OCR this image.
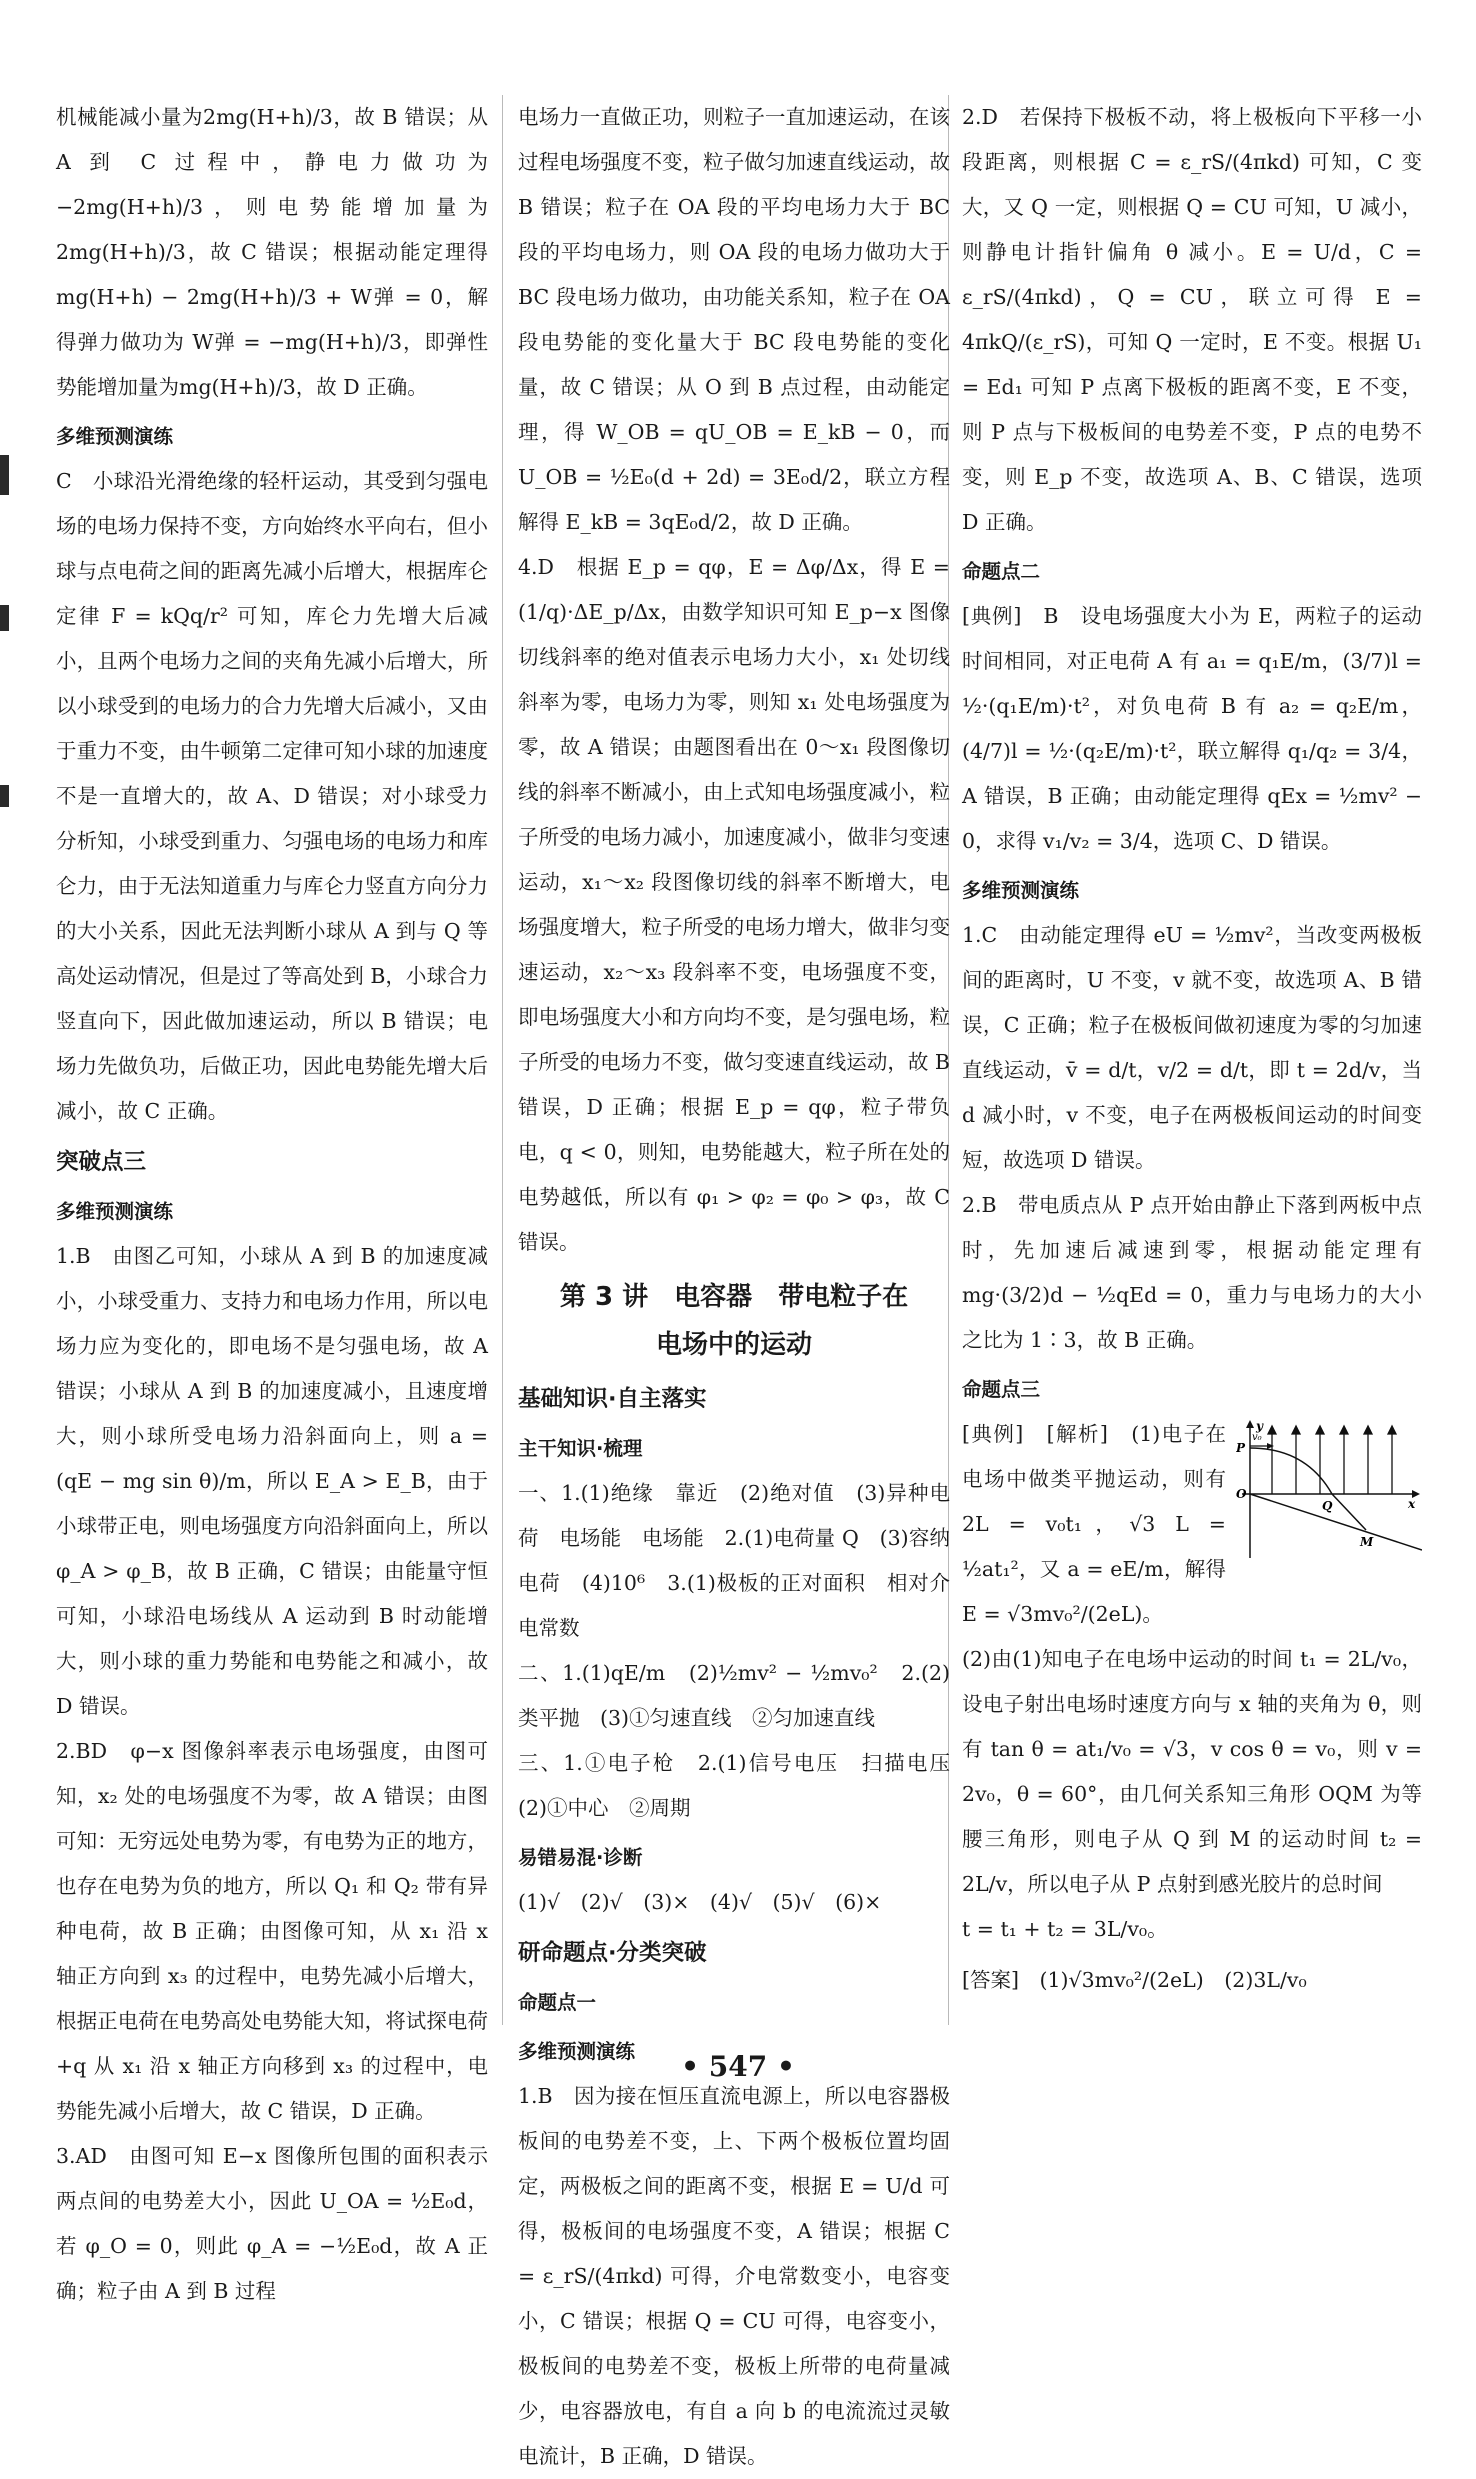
机械能减小量为2mg(H+h)/3，故 B 错误；从 A 到 C 过程中，静电力做功为 −2mg(H+h)/3，则电势能增加量为2mg(H+h)/3，故 C 错误；根据动能定理得 mg(H+h) − 2mg(H+h)/3 + W弹 = 0，解得弹力做功为 W弹 = −mg(H+h)/3，即弹性势能增加量为mg(H+h)/3，故 D 正确。

多维预测演练

C　小球沿光滑绝缘的轻杆运动，其受到匀强电场的电场力保持不变，方向始终水平向右，但小球与点电荷之间的距离先减小后增大，根据库仑定律 F = kQq/r² 可知，库仑力先增大后减小，且两个电场力之间的夹角先减小后增大，所以小球受到的电场力的合力先增大后减小，又由于重力不变，由牛顿第二定律可知小球的加速度不是一直增大的，故 A、D 错误；对小球受力分析知，小球受到重力、匀强电场的电场力和库仑力，由于无法知道重力与库仑力竖直方向分力的大小关系，因此无法判断小球从 A 到与 Q 等高处运动情况，但是过了等高处到 B，小球合力竖直向下，因此做加速运动，所以 B 错误；电场力先做负功，后做正功，因此电势能先增大后减小，故 C 正确。

突破点三
多维预测演练

1.B　由图乙可知，小球从 A 到 B 的加速度减小，小球受重力、支持力和电场力作用，所以电场力应为变化的，即电场不是匀强电场，故 A 错误；小球从 A 到 B 的加速度减小，且速度增大，则小球所受电场力沿斜面向上，则 a = (qE − mg sin θ)/m，所以 E_A > E_B，由于小球带正电，则电场强度方向沿斜面向上，所以 φ_A > φ_B，故 B 正确，C 错误；由能量守恒可知，小球沿电场线从 A 运动到 B 时动能增大，则小球的重力势能和电势能之和减小，故 D 错误。

2.BD　φ−x 图像斜率表示电场强度，由图可知，x₂ 处的电场强度不为零，故 A 错误；由图可知：无穷远处电势为零，有电势为正的地方，也存在电势为负的地方，所以 Q₁ 和 Q₂ 带有异种电荷，故 B 正确；由图像可知，从 x₁ 沿 x 轴正方向到 x₃ 的过程中，电势先减小后增大，根据正电荷在电势高处电势能大知，将试探电荷 +q 从 x₁ 沿 x 轴正方向移到 x₃ 的过程中，电势能先减小后增大，故 C 错误，D 正确。

3.AD　由图可知 E−x 图像所包围的面积表示两点间的电势差大小，因此 U_OA = ½E₀d，若 φ_O = 0，则此 φ_A = −½E₀d，故 A 正确；粒子由 A 到 B 过程

电场力一直做正功，则粒子一直加速运动，在该过程电场强度不变，粒子做匀加速直线运动，故 B 错误；粒子在 OA 段的平均电场力大于 BC 段的平均电场力，则 OA 段的电场力做功大于 BC 段电场力做功，由功能关系知，粒子在 OA 段电势能的变化量大于 BC 段电势能的变化量，故 C 错误；从 O 到 B 点过程，由动能定理，得 W_OB = qU_OB = E_kB − 0，而 U_OB = ½E₀(d + 2d) = 3E₀d/2，联立方程解得 E_kB = 3qE₀d/2，故 D 正确。

4.D　根据 E_p = qφ，E = Δφ/Δx，得 E = (1/q)·ΔE_p/Δx，由数学知识可知 E_p−x 图像切线斜率的绝对值表示电场力大小，x₁ 处切线斜率为零，电场力为零，则知 x₁ 处电场强度为零，故 A 错误；由题图看出在 0～x₁ 段图像切线的斜率不断减小，由上式知电场强度减小，粒子所受的电场力减小，加速度减小，做非匀变速运动，x₁～x₂ 段图像切线的斜率不断增大，电场强度增大，粒子所受的电场力增大，做非匀变速运动，x₂～x₃ 段斜率不变，电场强度不变，即电场强度大小和方向均不变，是匀强电场，粒子所受的电场力不变，做匀变速直线运动，故 B 错误，D 正确；根据 E_p = qφ，粒子带负电，q < 0，则知，电势能越大，粒子所在处的电势越低，所以有 φ₁ > φ₂ = φ₀ > φ₃，故 C 错误。

第 3 讲　电容器　带电粒子在
电场中的运动
基础知识·自主落实
主干知识·梳理

一、1.(1)绝缘　靠近　(2)绝对值　(3)异种电荷　电场能　电场能　2.(1)电荷量 Q　(3)容纳电荷　(4)10⁶　3.(1)极板的正对面积　相对介电常数

二、1.(1)qE/m　(2)½mv² − ½mv₀²　2.(2)类平抛　(3)①匀速直线　②匀加速直线

三、1.①电子枪　2.(1)信号电压　扫描电压　(2)①中心　②周期

易错易混·诊断

(1)√　(2)√　(3)×　(4)√　(5)√　(6)×

研命题点·分类突破
命题点一
多维预测演练

1.B　因为接在恒压直流电源上，所以电容器极板间的电势差不变，上、下两个极板位置均固定，两极板之间的距离不变，根据 E = U/d 可得，极板间的电场强度不变，A 错误；根据 C = ε_rS/(4πkd) 可得，介电常数变小，电容变小，C 错误；根据 Q = CU 可得，电容变小，极板间的电势差不变，极板上所带的电荷量减少，电容器放电，有自 a 向 b 的电流流过灵敏电流计，B 正确，D 错误。

2.D　若保持下极板不动，将上极板向下平移一小段距离，则根据 C = ε_rS/(4πkd) 可知，C 变大，又 Q 一定，则根据 Q = CU 可知，U 减小，则静电计指针偏角 θ 减小。E = U/d，C = ε_rS/(4πkd)，Q = CU，联立可得 E = 4πkQ/(ε_rS)，可知 Q 一定时，E 不变。根据 U₁ = Ed₁ 可知 P 点离下极板的距离不变，E 不变，则 P 点与下极板间的电势差不变，P 点的电势不变，则 E_p 不变，故选项 A、B、C 错误，选项 D 正确。

命题点二

[典例]　B　设电场强度大小为 E，两粒子的运动时间相同，对正电荷 A 有 a₁ = q₁E/m，(3/7)l = ½·(q₁E/m)·t²，对负电荷 B 有 a₂ = q₂E/m，(4/7)l = ½·(q₂E/m)·t²，联立解得 q₁/q₂ = 3/4，A 错误，B 正确；由动能定理得 qEx = ½mv² − 0，求得 v₁/v₂ = 3/4，选项 C、D 错误。

多维预测演练

1.C　由动能定理得 eU = ½mv²，当改变两极板间的距离时，U 不变，v 就不变，故选项 A、B 错误，C 正确；粒子在极板间做初速度为零的匀加速直线运动，v̄ = d/t，v/2 = d/t，即 t = 2d/v，当 d 减小时，v 不变，电子在两极板间运动的时间变短，故选项 D 错误。

2.B　带电质点从 P 点开始由静止下落到两板中点时，先加速后减速到零，根据动能定理有 mg·(3/2)d − ½qEd = 0，重力与电场力的大小之比为 1∶3，故 B 正确。

命题点三
y
v₀
P
O
Q	x
M

[典例]　[解析]　(1)电子在电场中做类平抛运动，则有 2L = v₀t₁，√3 L = ½at₁²，又 a = eE/m，解得 E = √3mv₀²/(2eL)。

(2)由(1)知电子在电场中运动的时间 t₁ = 2L/v₀，设电子射出电场时速度方向与 x 轴的夹角为 θ，则有 tan θ = at₁/v₀ = √3，v cos θ = v₀，则 v = 2v₀，θ = 60°，由几何关系知三角形 OQM 为等腰三角形，则电子从 Q 到 M 的运动时间 t₂ = 2L/v，所以电子从 P 点射到感光胶片的总时间

t = t₁ + t₂ = 3L/v₀。

[答案]　(1)√3mv₀²/(2eL)　(2)3L/v₀

• 547 •
